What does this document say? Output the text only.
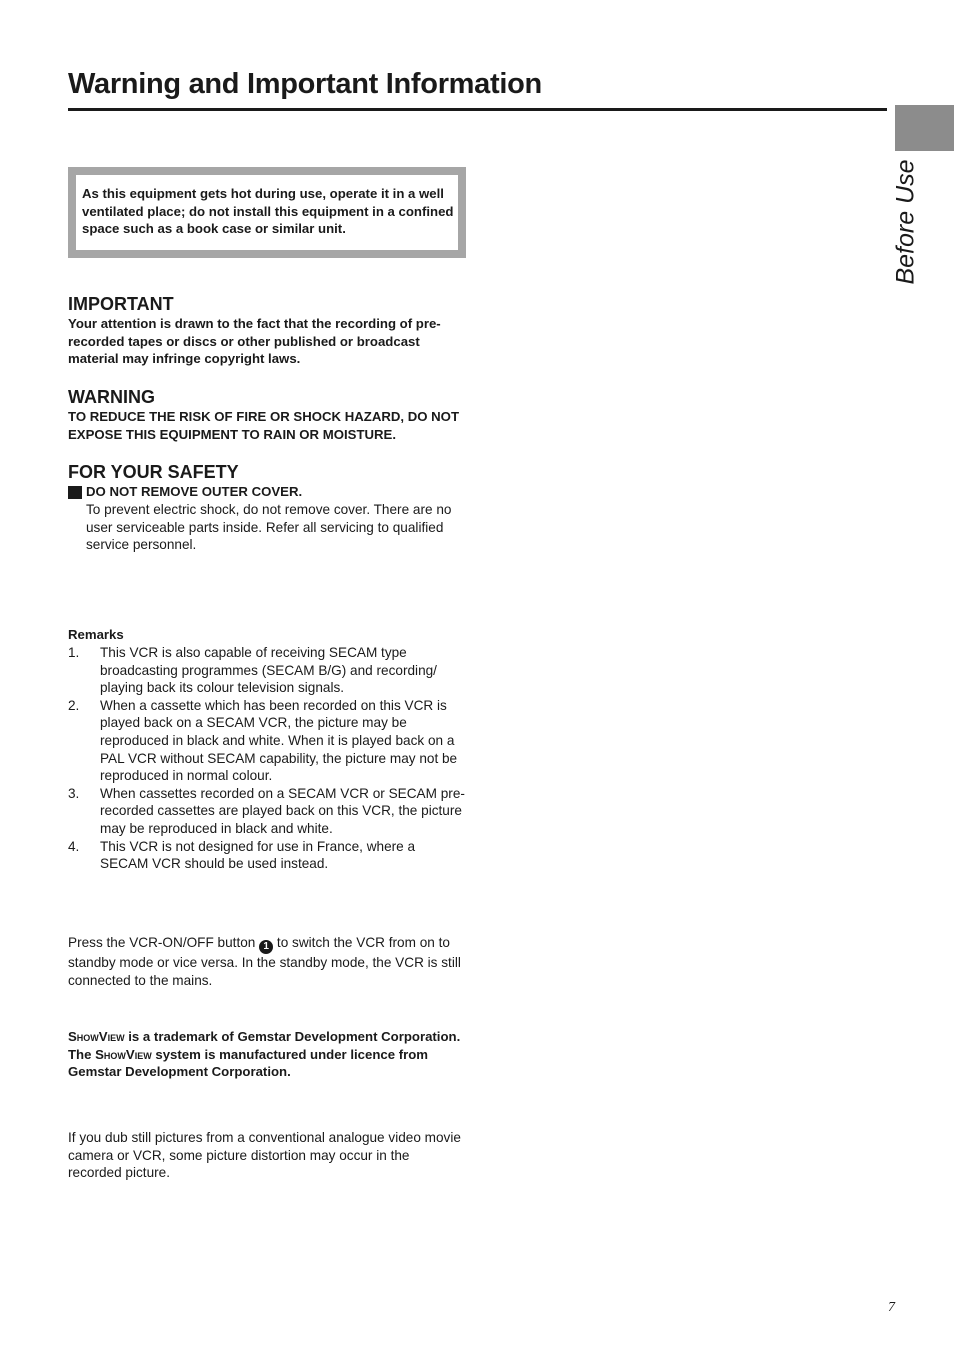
Warning and Important Information
Before Use

As this equipment gets hot during use, operate it in a well ventilated place; do not install this equipment in a confined space such as a book case or similar unit.

IMPORTANT

Your attention is drawn to the fact that the recording of pre-recorded tapes or discs or other published or broadcast material may infringe copyright laws.

WARNING

TO REDUCE THE RISK OF FIRE OR SHOCK HAZARD, DO NOT EXPOSE THIS EQUIPMENT TO RAIN OR MOISTURE.

FOR YOUR SAFETY

DO NOT REMOVE OUTER COVER.

To prevent electric shock, do not remove cover. There are no user serviceable parts inside. Refer all servicing to qualified service personnel.

Remarks

1. This VCR is also capable of receiving SECAM type broadcasting programmes (SECAM B/G) and recording/ playing back its colour television signals.
2. When a cassette which has been recorded on this VCR is played back on a SECAM VCR, the picture may be reproduced in black and white. When it is played back on a PAL VCR without SECAM capability, the picture may not be reproduced in normal colour.
3. When cassettes recorded on a SECAM VCR or SECAM pre-recorded cassettes are played back on this VCR, the picture may be reproduced in black and white.
4. This VCR is not designed for use in France, where a SECAM VCR should be used instead.

Press the VCR-ON/OFF button 1 to switch the VCR from on to standby mode or vice versa. In the standby mode, the VCR is still connected to the mains.

ShowView is a trademark of Gemstar Development Corporation. The ShowView system is manufactured under licence from Gemstar Development Corporation.

If you dub still pictures from a conventional analogue video movie camera or VCR, some picture distortion may occur in the recorded picture.

7
